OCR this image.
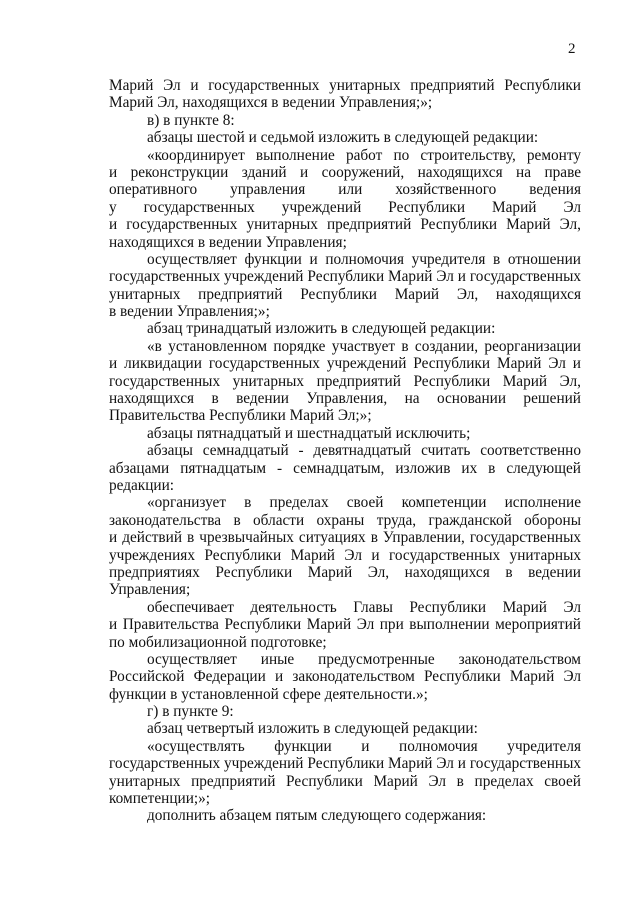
2
Марий Эл и государственных унитарных предприятий Республики
Марий Эл, находящихся в ведении Управления;»;
в) в пункте 8:
абзацы шестой и седьмой изложить в следующей редакции:
«координирует выполнение работ по строительству, ремонту
и реконструкции зданий и сооружений, находящихся на праве
оперативного управления или хозяйственного ведения
у государственных учреждений Республики Марий Эл
и государственных унитарных предприятий Республики Марий Эл,
находящихся в ведении Управления;
осуществляет функции и полномочия учредителя в отношении
государственных учреждений Республики Марий Эл и государственных
унитарных предприятий Республики Марий Эл, находящихся
в ведении Управления;»;
абзац тринадцатый изложить в следующей редакции:
«в установленном порядке участвует в создании, реорганизации
и ликвидации государственных учреждений Республики Марий Эл и
государственных унитарных предприятий Республики Марий Эл,
находящихся в ведении Управления, на основании решений
Правительства Республики Марий Эл;»;
абзацы пятнадцатый и шестнадцатый исключить;
абзацы семнадцатый - девятнадцатый считать соответственно
абзацами пятнадцатым - семнадцатым, изложив их в следующей
редакции:
«организует в пределах своей компетенции исполнение
законодательства в области охраны труда, гражданской обороны
и действий в чрезвычайных ситуациях в Управлении, государственных
учреждениях Республики Марий Эл и государственных унитарных
предприятиях Республики Марий Эл, находящихся в ведении
Управления;
обеспечивает деятельность Главы Республики Марий Эл
и Правительства Республики Марий Эл при выполнении мероприятий
по мобилизационной подготовке;
осуществляет иные предусмотренные законодательством
Российской Федерации и законодательством Республики Марий Эл
функции в установленной сфере деятельности.»;
г) в пункте 9:
абзац четвертый изложить в следующей редакции:
«осуществлять функции и полномочия учредителя
государственных учреждений Республики Марий Эл и государственных
унитарных предприятий Республики Марий Эл в пределах своей
компетенции;»;
дополнить абзацем пятым следующего содержания:
